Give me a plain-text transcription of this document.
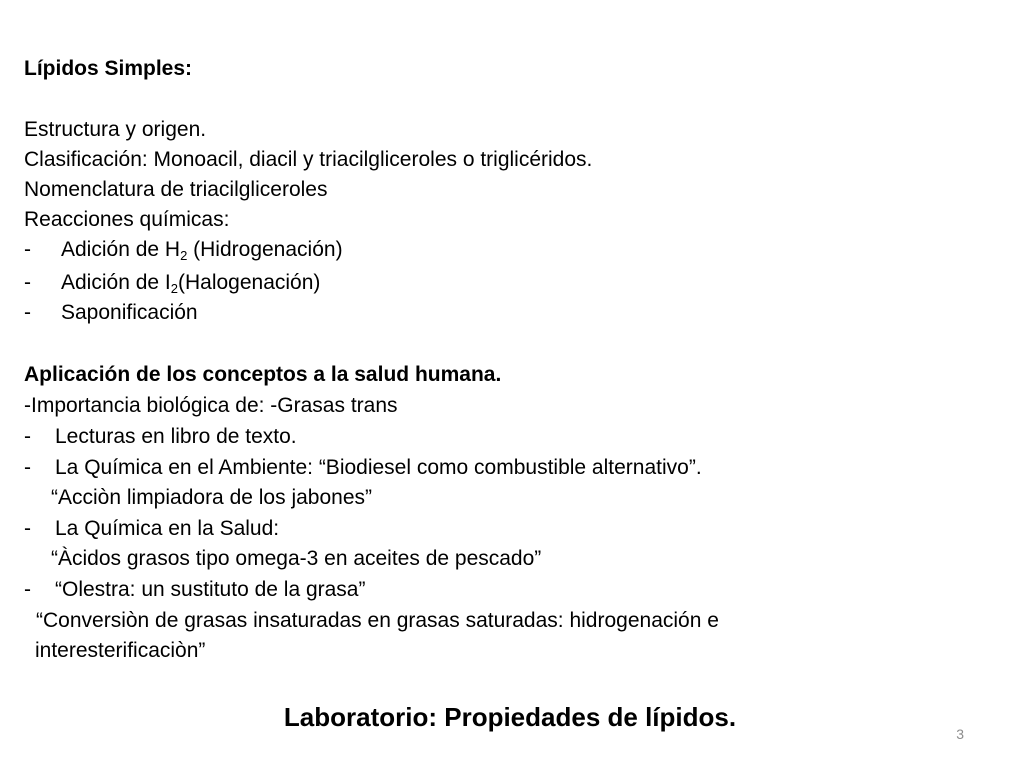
Lípidos Simples:
Estructura y origen.
Clasificación: Monoacil, diacil y triacilgliceroles o triglicéridos.
Nomenclatura de triacilgliceroles
Reacciones químicas:
- Adición de $H_2$ (Hidrogenación)
- Adición de $I_2(Halogenación)$
- Saponificación
Aplicación de los conceptos a la salud humana.
-Importancia biológica de: -Grasas trans
- Lecturas en libro de texto.
- La Química en el Ambiente: “Biodiesel como combustible alternativo”.
“Acciòn limpiadora de los jabones”
- La Química en la Salud:
“Àcidos grasos tipo omega-3 en aceites de pescado”
- “Olestra: un sustituto de la grasa”
“Conversiòn de grasas insaturadas en grasas saturadas: hidrogenación e
interesterificaciòn”
Laboratorio: Propiedades de lípidos.
3
